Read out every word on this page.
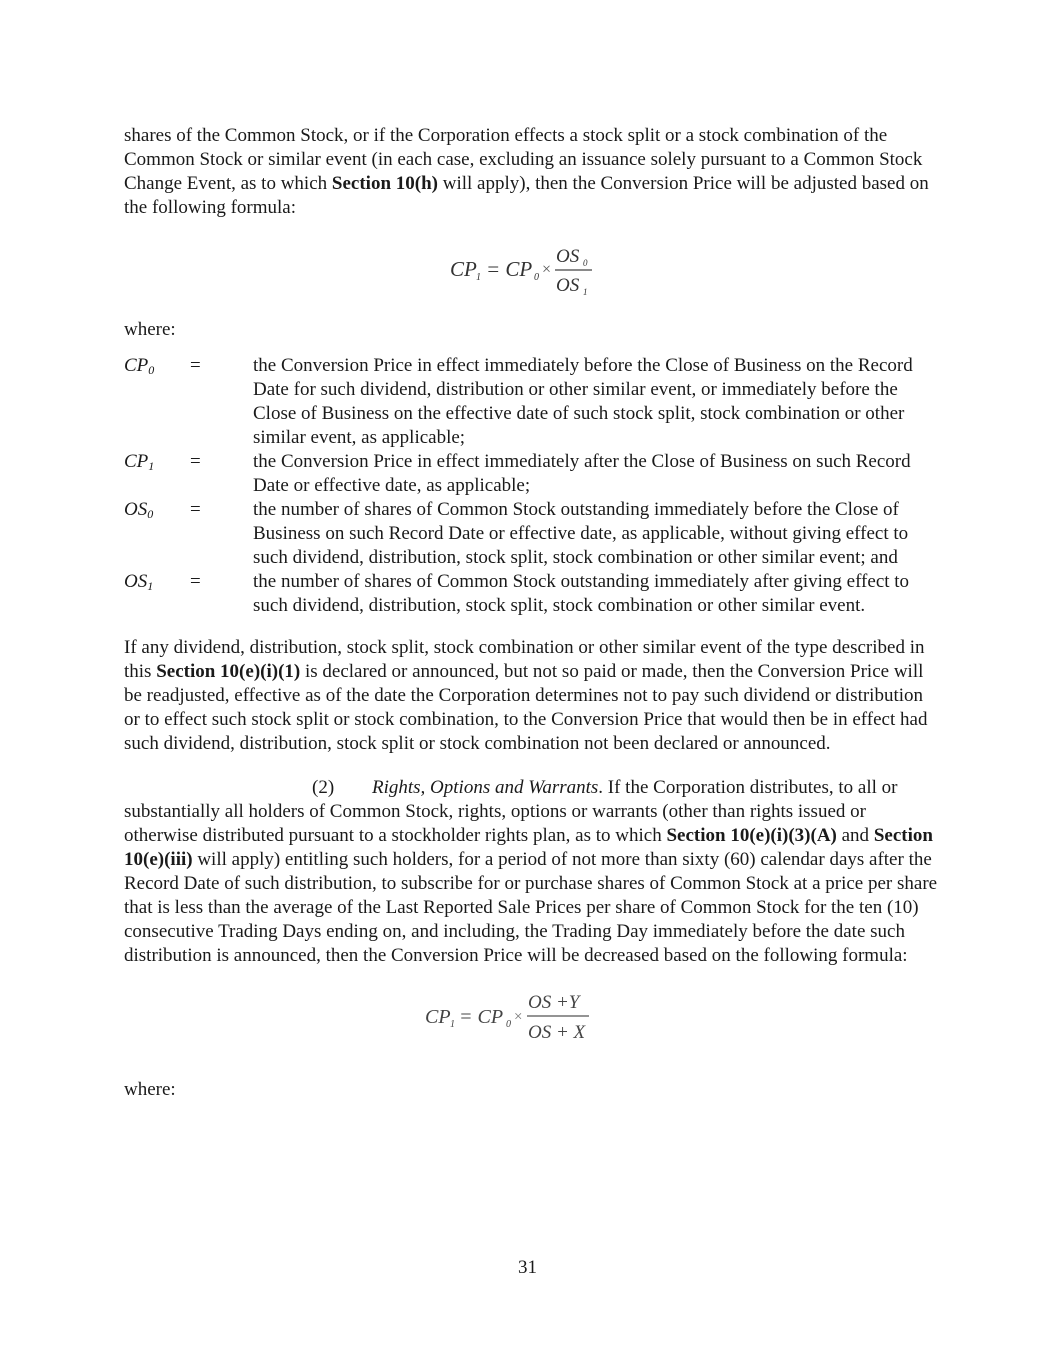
shares of the Common Stock, or if the Corporation effects a stock split or a stock combination of the Common Stock or similar event (in each case, excluding an issuance solely pursuant to a Common Stock Change Event, as to which Section 10(h) will apply), then the Conversion Price will be adjusted based on the following formula:

CP 1 = CP 0 ×
OS 0
OS 1

where:

$CP_0$	=	the Conversion Price in effect immediately before the Close of Business on the Record Date for such dividend, distribution or other similar event, or immediately before the Close of Business on the effective date of such stock split, stock combination or other similar event, as applicable;
$CP_1$	=	the Conversion Price in effect immediately after the Close of Business on such Record Date or effective date, as applicable;
$OS_0$	=	the number of shares of Common Stock outstanding immediately before the Close of Business on such Record Date or effective date, as applicable, without giving effect to such dividend, distribution, stock split, stock combination or other similar event; and
$OS_1$	=	the number of shares of Common Stock outstanding immediately after giving effect to such dividend, distribution, stock split, stock combination or other similar event.

If any dividend, distribution, stock split, stock combination or other similar event of the type described in this Section 10(e)(i)(1) is declared or announced, but not so paid or made, then the Conversion Price will be readjusted, effective as of the date the Corporation determines not to pay such dividend or distribution or to effect such stock split or stock combination, to the Conversion Price that would then be in effect had such dividend, distribution, stock split or stock combination not been declared or announced.

(2) Rights, Options and Warrants. If the Corporation distributes, to all or substantially all holders of Common Stock, rights, options or warrants (other than rights issued or otherwise distributed pursuant to a stockholder rights plan, as to which Section 10(e)(i)(3)(A) and Section 10(e)(iii) will apply) entitling such holders, for a period of not more than sixty (60) calendar days after the Record Date of such distribution, to subscribe for or purchase shares of Common Stock at a price per share that is less than the average of the Last Reported Sale Prices per share of Common Stock for the ten (10) consecutive Trading Days ending on, and including, the Trading Day immediately before the date such distribution is announced, then the Conversion Price will be decreased based on the following formula:

CP 1 = CP 0 ×
OS +Y
OS + X

where:

31
